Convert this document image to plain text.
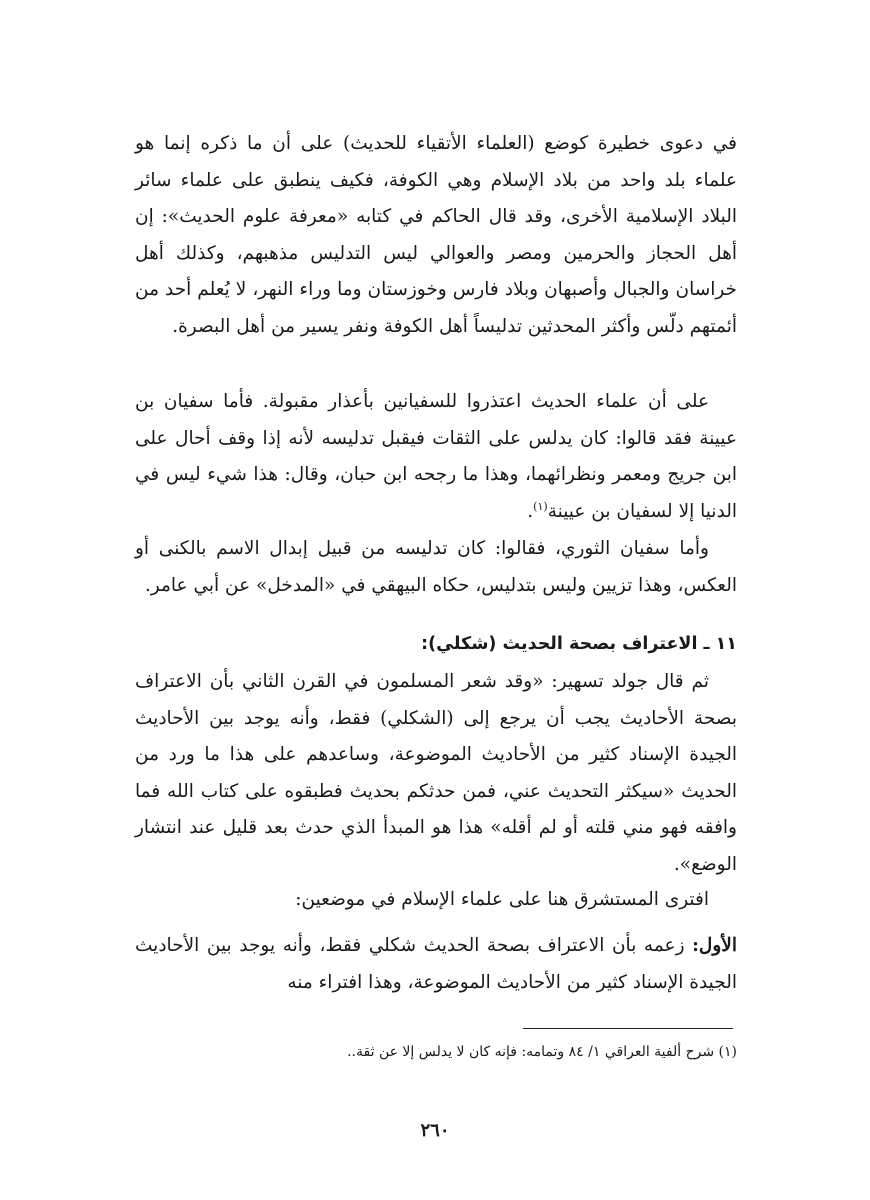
في دعوى خطيرة كوضع (العلماء الأتقياء للحديث) على أن ما ذكره إنما هو علماء بلد واحد من بلاد الإسلام وهي الكوفة، فكيف ينطبق على علماء سائر البلاد الإسلامية الأخرى، وقد قال الحاكم في كتابه «معرفة علوم الحديث»: إن أهل الحجاز والحرمين ومصر والعوالي ليس التدليس مذهبهم، وكذلك أهل خراسان والجبال وأصبهان وبلاد فارس وخوزستان وما وراء النهر، لا يُعلم أحد من أئمتهم دلّس وأكثر المحدثين تدليساً أهل الكوفة ونفر يسير من أهل البصرة.
على أن علماء الحديث اعتذروا للسفيانين بأعذار مقبولة. فأما سفيان بن عيينة فقد قالوا: كان يدلس على الثقات فيقبل تدليسه لأنه إذا وقف أحال على ابن جريج ومعمر ونظرائهما، وهذا ما رجحه ابن حبان، وقال: هذا شيء ليس في الدنيا إلا لسفيان بن عيينة$^{(١)}$.
وأما سفيان الثوري، فقالوا: كان تدليسه من قبيل إبدال الاسم بالكنى أو العكس، وهذا تزيين وليس بتدليس، حكاه البيهقي في «المدخل» عن أبي عامر.
١١ ـ الاعتراف بصحة الحديث (شكلي):
ثم قال جولد تسهير: «وقد شعر المسلمون في القرن الثاني بأن الاعتراف بصحة الأحاديث يجب أن يرجع إلى (الشكلي) فقط، وأنه يوجد بين الأحاديث الجيدة الإسناد كثير من الأحاديث الموضوعة، وساعدهم على هذا ما ورد من الحديث «سيكثر التحديث عني، فمن حدثكم بحديث فطبقوه على كتاب الله فما وافقه فهو مني قلته أو لم أقله» هذا هو المبدأ الذي حدث بعد قليل عند انتشار الوضع».
افترى المستشرق هنا على علماء الإسلام في موضعين:
الأول: زعمه بأن الاعتراف بصحة الحديث شكلي فقط، وأنه يوجد بين الأحاديث الجيدة الإسناد كثير من الأحاديث الموضوعة، وهذا افتراء منه
(١) شرح ألفية العراقي ١/ ٨٤ وتمامه: فإنه كان لا يدلس إلا عن ثقة..
٢٦٠
